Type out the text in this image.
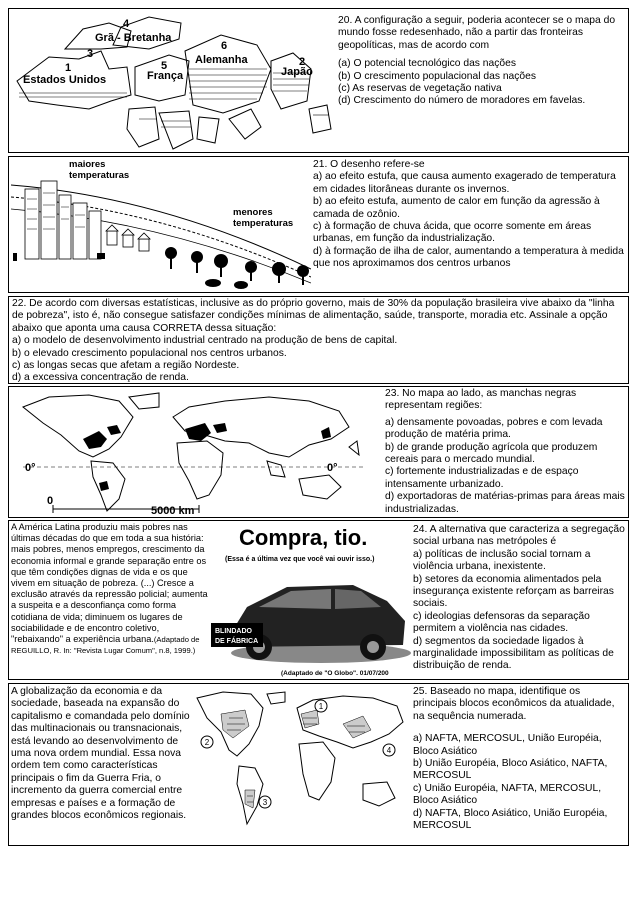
4
Grã - Bretanha
3
1
Estados Unidos
5
França
6
Alemanha	2
Japão

20. A configuração a seguir, poderia acontecer se o mapa do mundo fosse redesenhado, não a partir das fronteiras geopolíticas, mas de acordo com

(a) O potencial tecnológico das nações

(b) O crescimento populacional das nações

(c) As reservas de vegetação nativa

(d) Crescimento do número de moradores em favelas.

maiores
temperaturas
menores
temperaturas

21. O desenho refere-se

a) ao efeito estufa, que causa aumento exagerado de temperatura em cidades litorâneas durante os invernos.

b) ao efeito estufa, aumento de calor em função da agressão à camada de ozônio.

c) à formação de chuva ácida, que ocorre somente em áreas urbanas, em função da industrialização.

d) à formação de ilha de calor, aumentando a temperatura à medida que nos aproximamos dos centros urbanos

22. De acordo com diversas estatísticas, inclusive as do próprio governo, mais de 30% da população brasileira vive abaixo da "linha de pobreza", isto é, não consegue satisfazer condições mínimas de alimentação, saúde, transporte, moradia etc. Assinale a opção abaixo que aponta uma causa CORRETA dessa situação:

a) o modelo de desenvolvimento industrial centrado na produção de bens de capital.

b) o elevado crescimento populacional nos centros urbanos.

c) as longas secas que afetam a região Nordeste.

d) a excessiva concentração de renda.

0°	0°
0
5000 km

23. No mapa ao lado, as manchas negras representam regiões:

a) densamente povoadas, pobres e com levada produção de matéria prima.

b) de grande produção agrícola que produzem cereais para o mercado mundial.

c) fortemente industrializadas e de espaço intensamente urbanizado.

d) exportadoras de matérias-primas para áreas mais industrializadas.

A América Latina produziu mais pobres nas últimas décadas do que em toda a sua história: mais pobres, menos empregos, crescimento da economia informal e grande separação entre os que têm condições dignas de vida e os que vivem em situação de pobreza. (...) Cresce a exclusão através da repressão policial; aumenta a suspeita e a desconfiança como forma cotidiana de vida; diminuem os lugares de sociabilidade e de encontro coletivo, "rebaixando" a experiência urbana.(Adaptado de REGUILLO, R. In: "Revista Lugar Comum", n.8, 1999.)

Compra, tio.
(Essa é a última vez que você vai ouvir isso.)
BLINDADO
DE FÁBRICA
(Adaptado de "O Globo". 01/07/200

24. A alternativa que caracteriza a segregação social urbana nas metrópoles é

a) políticas de inclusão social tornam a violência urbana, inexistente.

b) setores da economia alimentados pela insegurança existente reforçam as barreiras sociais.

c) ideologias defensoras da separação permitem a violência nas cidades.

d) segmentos da sociedade ligados à marginalidade impossibilitam as políticas de distribuição de renda.

A globalização da economia e da sociedade, baseada na expansão do capitalismo e comandada pelo domínio das multinacionais ou transnacionais, está levando ao desenvolvimento de uma nova ordem mundial. Essa nova ordem tem como características principais o fim da Guerra Fria, o incremento da guerra comercial entre empresas e países e a formação de grandes blocos econômicos regionais.

2
1
4
3

25. Baseado no mapa, identifique os principais blocos econômicos da atualidade, na sequência numerada.

a) NAFTA, MERCOSUL, União Européia, Bloco Asiático

b) União Européia, Bloco Asiático, NAFTA, MERCOSUL

c) União Européia, NAFTA, MERCOSUL, Bloco Asiático

d) NAFTA, Bloco Asiático, União Européia, MERCOSUL
